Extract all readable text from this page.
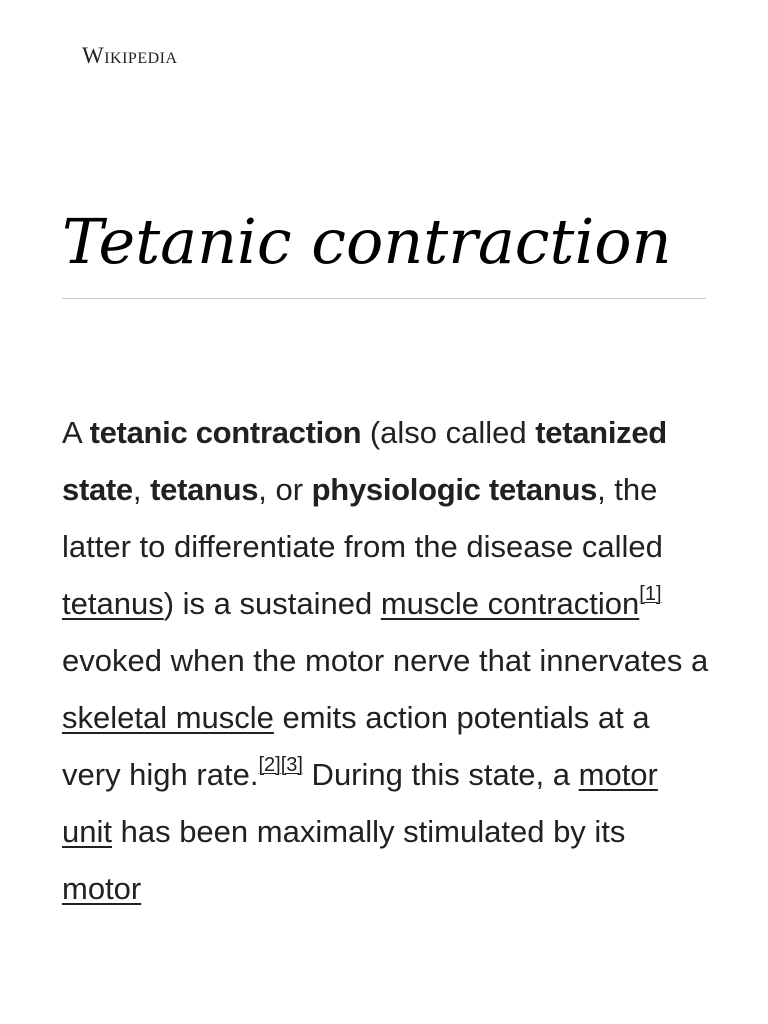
Wikipedia
Tetanic contraction

A tetanic contraction (also called tetanized state, tetanus, or physiologic tetanus, the latter to differentiate from the disease called tetanus) is a sustained muscle contraction[1] evoked when the motor nerve that innervates a skeletal muscle emits action potentials at a very high rate.[2][3] During this state, a motor unit has been maximally stimulated by its motor
